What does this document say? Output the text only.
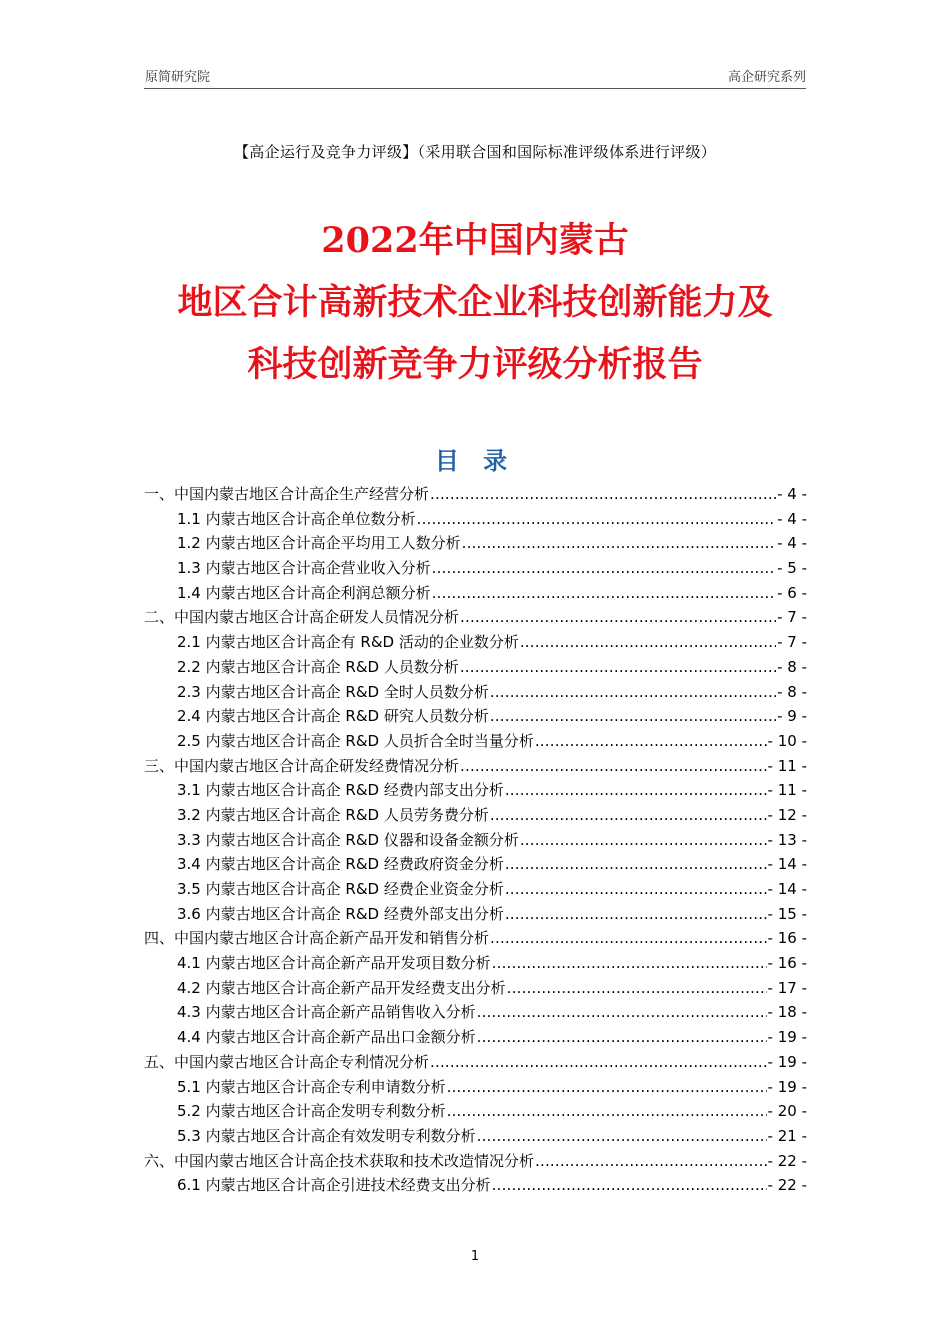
原简研究院	高企研究系列
【高企运行及竞争力评级】（采用联合国和国际标准评级体系进行评级）
2022年中国内蒙古
地区合计高新技术企业科技创新能力及
科技创新竞争力评级分析报告
目 录
一、中国内蒙古地区合计高企生产经营分析 .....	- 4 -
1.1 内蒙古地区合计高企单位数分析 .....	- 4 -
1.2 内蒙古地区合计高企平均用工人数分析 .....	- 4 -
1.3 内蒙古地区合计高企营业收入分析 .....	- 5 -
1.4 内蒙古地区合计高企利润总额分析 .....	- 6 -
二、中国内蒙古地区合计高企研发人员情况分析 .....	- 7 -
2.1 内蒙古地区合计高企有 R&D 活动的企业数分析 .....	- 7 -
2.2 内蒙古地区合计高企 R&D 人员数分析 .....	- 8 -
2.3 内蒙古地区合计高企 R&D 全时人员数分析 .....	- 8 -
2.4 内蒙古地区合计高企 R&D 研究人员数分析 .....	- 9 -
2.5 内蒙古地区合计高企 R&D 人员折合全时当量分析 .....	- 10 -
三、中国内蒙古地区合计高企研发经费情况分析 .....	- 11 -
3.1 内蒙古地区合计高企 R&D 经费内部支出分析 .....	- 11 -
3.2 内蒙古地区合计高企 R&D 人员劳务费分析 .....	- 12 -
3.3 内蒙古地区合计高企 R&D 仪器和设备金额分析 .....	- 13 -
3.4 内蒙古地区合计高企 R&D 经费政府资金分析 .....	- 14 -
3.5 内蒙古地区合计高企 R&D 经费企业资金分析 .....	- 14 -
3.6 内蒙古地区合计高企 R&D 经费外部支出分析 .....	- 15 -
四、中国内蒙古地区合计高企新产品开发和销售分析 .....	- 16 -
4.1 内蒙古地区合计高企新产品开发项目数分析 .....	- 16 -
4.2 内蒙古地区合计高企新产品开发经费支出分析 .....	- 17 -
4.3 内蒙古地区合计高企新产品销售收入分析 .....	- 18 -
4.4 内蒙古地区合计高企新产品出口金额分析 .....	- 19 -
五、中国内蒙古地区合计高企专利情况分析 .....	- 19 -
5.1 内蒙古地区合计高企专利申请数分析 .....	- 19 -
5.2 内蒙古地区合计高企发明专利数分析 .....	- 20 -
5.3 内蒙古地区合计高企有效发明专利数分析 .....	- 21 -
六、中国内蒙古地区合计高企技术获取和技术改造情况分析 .....	- 22 -
6.1 内蒙古地区合计高企引进技术经费支出分析 .....	- 22 -
1
